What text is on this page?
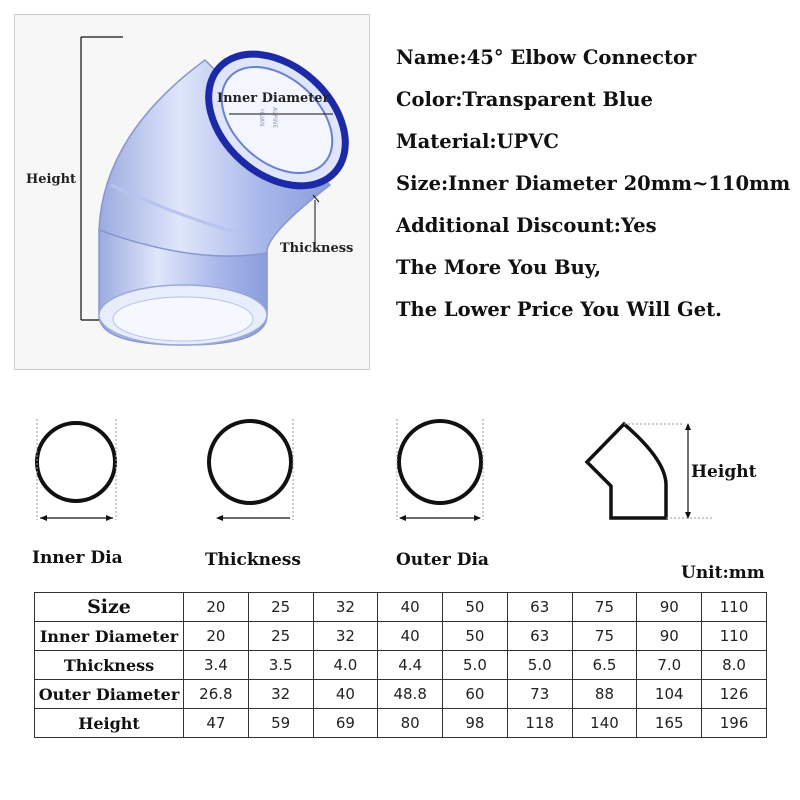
HUAN ALPINE
Height
Inner Diameter
Thickness
Name:45° Elbow Connector
Color:Transparent Blue
Material:UPVC
Size:Inner Diameter 20mm~110mm
Additional Discount:Yes
The More You Buy,
The Lower Price You Will Get.
Inner Dia	Thickness	Outer Dia
Height
Unit:mm
Size	20	25	32	40	50	63	75	90	110
Inner Diameter	20	25	32	40	50	63	75	90	110
Thickness	3.4	3.5	4.0	4.4	5.0	5.0	6.5	7.0	8.0
Outer Diameter	26.8	32	40	48.8	60	73	88	104	126
Height	47	59	69	80	98	118	140	165	196
